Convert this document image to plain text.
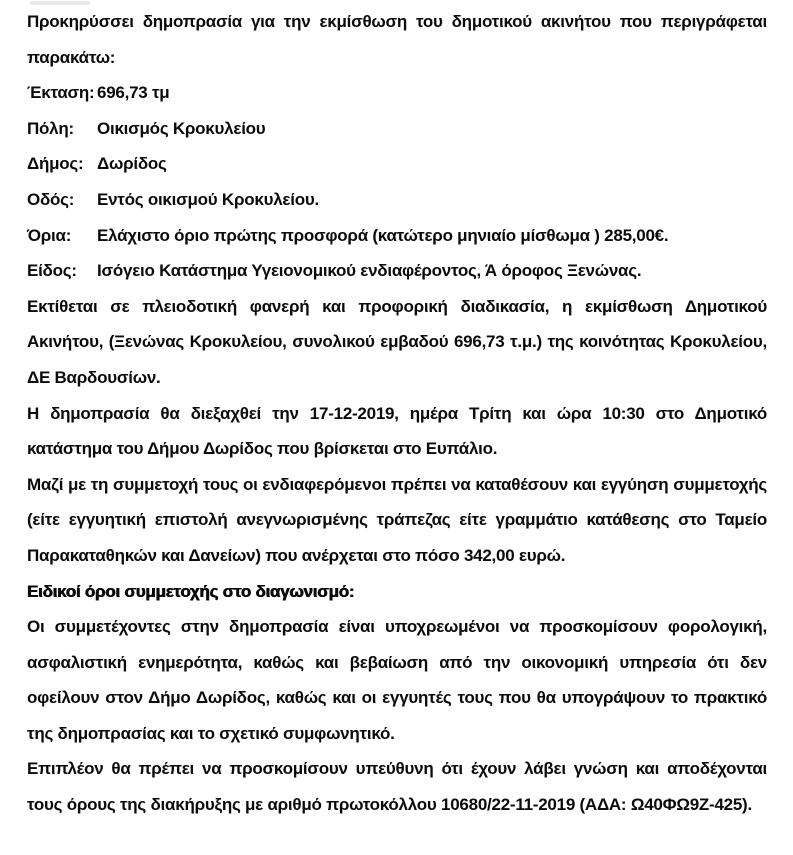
Προκηρύσσει δημοπρασία για την εκμίσθωση του δημοτικού ακινήτου που περιγράφεται παρακάτω:

Έκταση: 696,73 τμ
Πόλη:	Οικισμός Κροκυλείου
Δήμος: Δωρίδος
Οδός:	Εντός οικισμού Κροκυλείου.
Όρια:	Ελάχιστο όριο πρώτης προσφορά (κατώτερο μηνιαίο μίσθωμα ) 285,00€.
Είδος:	Ισόγειο Κατάστημα Υγειονομικού ενδιαφέροντος, Ά όροφος Ξενώνας.

Εκτίθεται σε πλειοδοτική φανερή και προφορική διαδικασία, η εκμίσθωση Δημοτικού Ακινήτου, (Ξενώνας Κροκυλείου, συνολικού εμβαδού 696,73 τ.μ.) της κοινότητας Κροκυλείου, ΔΕ Βαρδουσίων.

Η δημοπρασία θα διεξαχθεί την 17-12-2019, ημέρα Τρίτη και ώρα 10:30 στο Δημοτικό κατάστημα του Δήμου Δωρίδος που βρίσκεται στο Ευπάλιο.

Μαζί με τη συμμετοχή τους οι ενδιαφερόμενοι πρέπει να καταθέσουν και εγγύηση συμμετοχής (είτε εγγυητική επιστολή ανεγνωρισμένης τράπεζας είτε γραμμάτιο κατάθεσης στο Ταμείο Παρακαταθηκών και Δανείων) που ανέρχεται στο πόσο 342,00 ευρώ.

Ειδικοί όροι συμμετοχής στο διαγωνισμό:

Οι συμμετέχοντες στην δημοπρασία είναι υποχρεωμένοι να προσκομίσουν φορολογική, ασφαλιστική ενημερότητα, καθώς και βεβαίωση από την οικονομική υπηρεσία ότι δεν οφείλουν στον Δήμο Δωρίδος, καθώς και οι εγγυητές τους που θα υπογράψουν το πρακτικό της δημοπρασίας και το σχετικό συμφωνητικό.

Επιπλέον θα πρέπει να προσκομίσουν υπεύθυνη ότι έχουν λάβει γνώση και αποδέχονται τους όρους της διακήρυξης με αριθμό πρωτοκόλλου 10680/22-11-2019 (ΑΔΑ: Ω40ΦΩ9Ζ-425).
